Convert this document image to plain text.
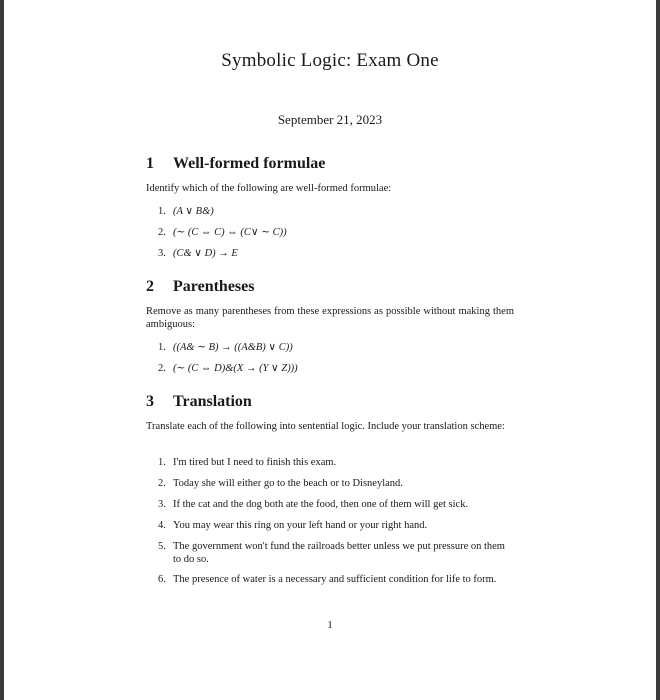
Symbolic Logic: Exam One
September 21, 2023
1 Well-formed formulae
Identify which of the following are well-formed formulae:
1. (A ∨ B&)
2. (∼ (C ⇔ C) ⇔ (C∨ ∼ C))
3. (C& ∨ D) → E
2 Parentheses
Remove as many parentheses from these expressions as possible without making them ambiguous:
1. ((A& ∼ B) → ((A&B) ∨ C))
2. (∼ (C ⇔ D)&(X → (Y ∨ Z)))
3 Translation
Translate each of the following into sentential logic. Include your translation scheme:
1. I'm tired but I need to finish this exam.
2. Today she will either go to the beach or to Disneyland.
3. If the cat and the dog both ate the food, then one of them will get sick.
4. You may wear this ring on your left hand or your right hand.
5. The government won't fund the railroads better unless we put pressure on them to do so.
6. The presence of water is a necessary and sufficient condition for life to form.
1
